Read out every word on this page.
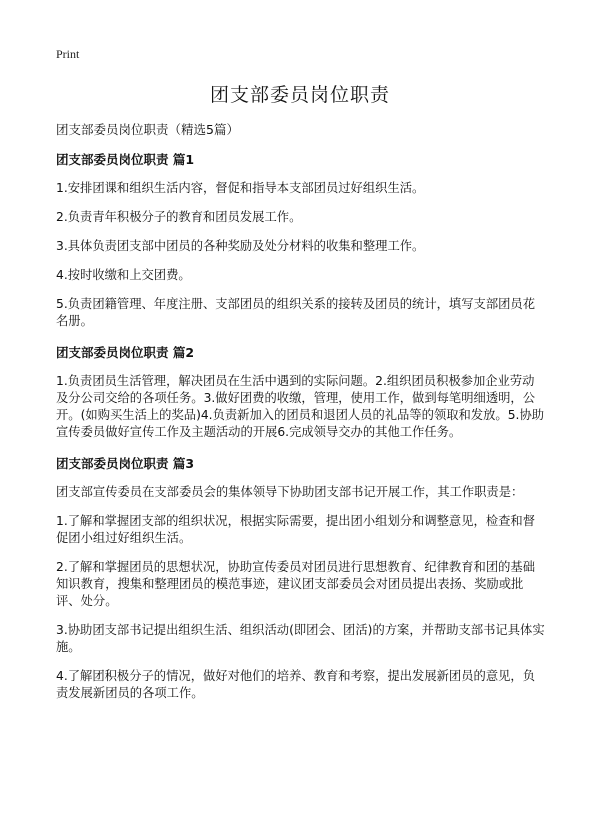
Print
团支部委员岗位职责

团支部委员岗位职责（精选5篇）

团支部委员岗位职责 篇1

1.安排团课和组织生活内容，督促和指导本支部团员过好组织生活。

2.负责青年积极分子的教育和团员发展工作。

3.具体负责团支部中团员的各种奖励及处分材料的收集和整理工作。

4.按时收缴和上交团费。

5.负责团籍管理、年度注册、支部团员的组织关系的接转及团员的统计，填写支部团员花名册。

团支部委员岗位职责 篇2

1.负责团员生活管理，解决团员在生活中遇到的实际问题。2.组织团员积极参加企业劳动及分公司交给的各项任务。3.做好团费的收缴，管理，使用工作，做到每笔明细透明，公开。(如购买生活上的奖品)4.负责新加入的团员和退团人员的礼品等的领取和发放。5.协助宣传委员做好宣传工作及主题活动的开展6.完成领导交办的其他工作任务。

团支部委员岗位职责 篇3

团支部宣传委员在支部委员会的集体领导下协助团支部书记开展工作，其工作职责是：

1.了解和掌握团支部的组织状况，根据实际需要，提出团小组划分和调整意见，检查和督促团小组过好组织生活。

2.了解和掌握团员的思想状况，协助宣传委员对团员进行思想教育、纪律教育和团的基础知识教育，搜集和整理团员的模范事迹，建议团支部委员会对团员提出表扬、奖励或批评、处分。

3.协助团支部书记提出组织生活、组织活动(即团会、团活)的方案，并帮助支部书记具体实施。

4.了解团积极分子的情况，做好对他们的培养、教育和考察，提出发展新团员的意见，负责发展新团员的各项工作。
